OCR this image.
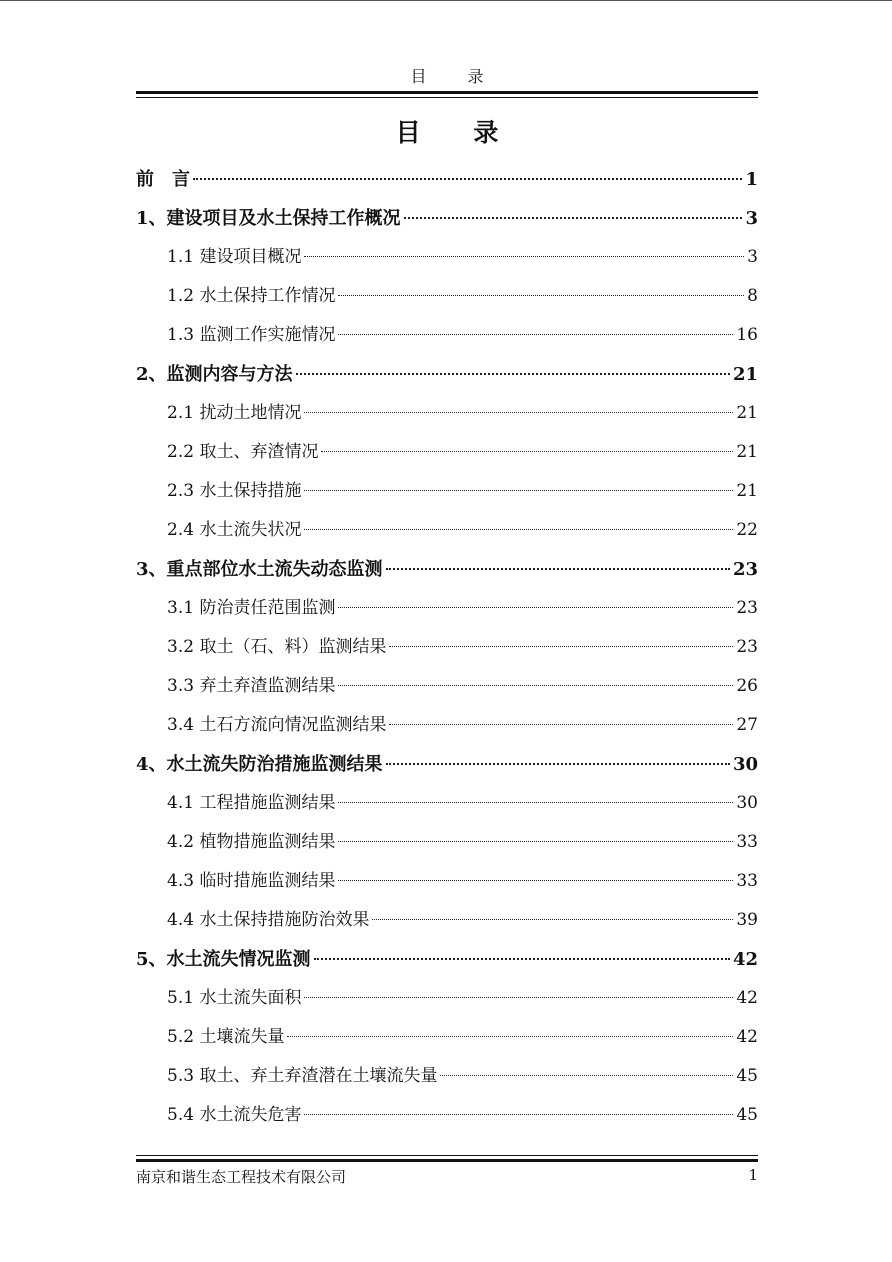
目 录
目 录
前　言	1
1、建设项目及水土保持工作概况	3
1.1 建设项目概况	3
1.2 水土保持工作情况	8
1.3 监测工作实施情况	16
2、监测内容与方法	21
2.1 扰动土地情况	21
2.2 取土、弃渣情况	21
2.3 水土保持措施	21
2.4 水土流失状况	22
3、重点部位水土流失动态监测	23
3.1 防治责任范围监测	23
3.2 取土（石、料）监测结果	23
3.3 弃土弃渣监测结果	26
3.4 土石方流向情况监测结果	27
4、水土流失防治措施监测结果	30
4.1 工程措施监测结果	30
4.2 植物措施监测结果	33
4.3 临时措施监测结果	33
4.4 水土保持措施防治效果	39
5、水土流失情况监测	42
5.1 水土流失面积	42
5.2 土壤流失量	42
5.3 取土、弃土弃渣潜在土壤流失量	45
5.4 水土流失危害	45
南京和谐生态工程技术有限公司	1
